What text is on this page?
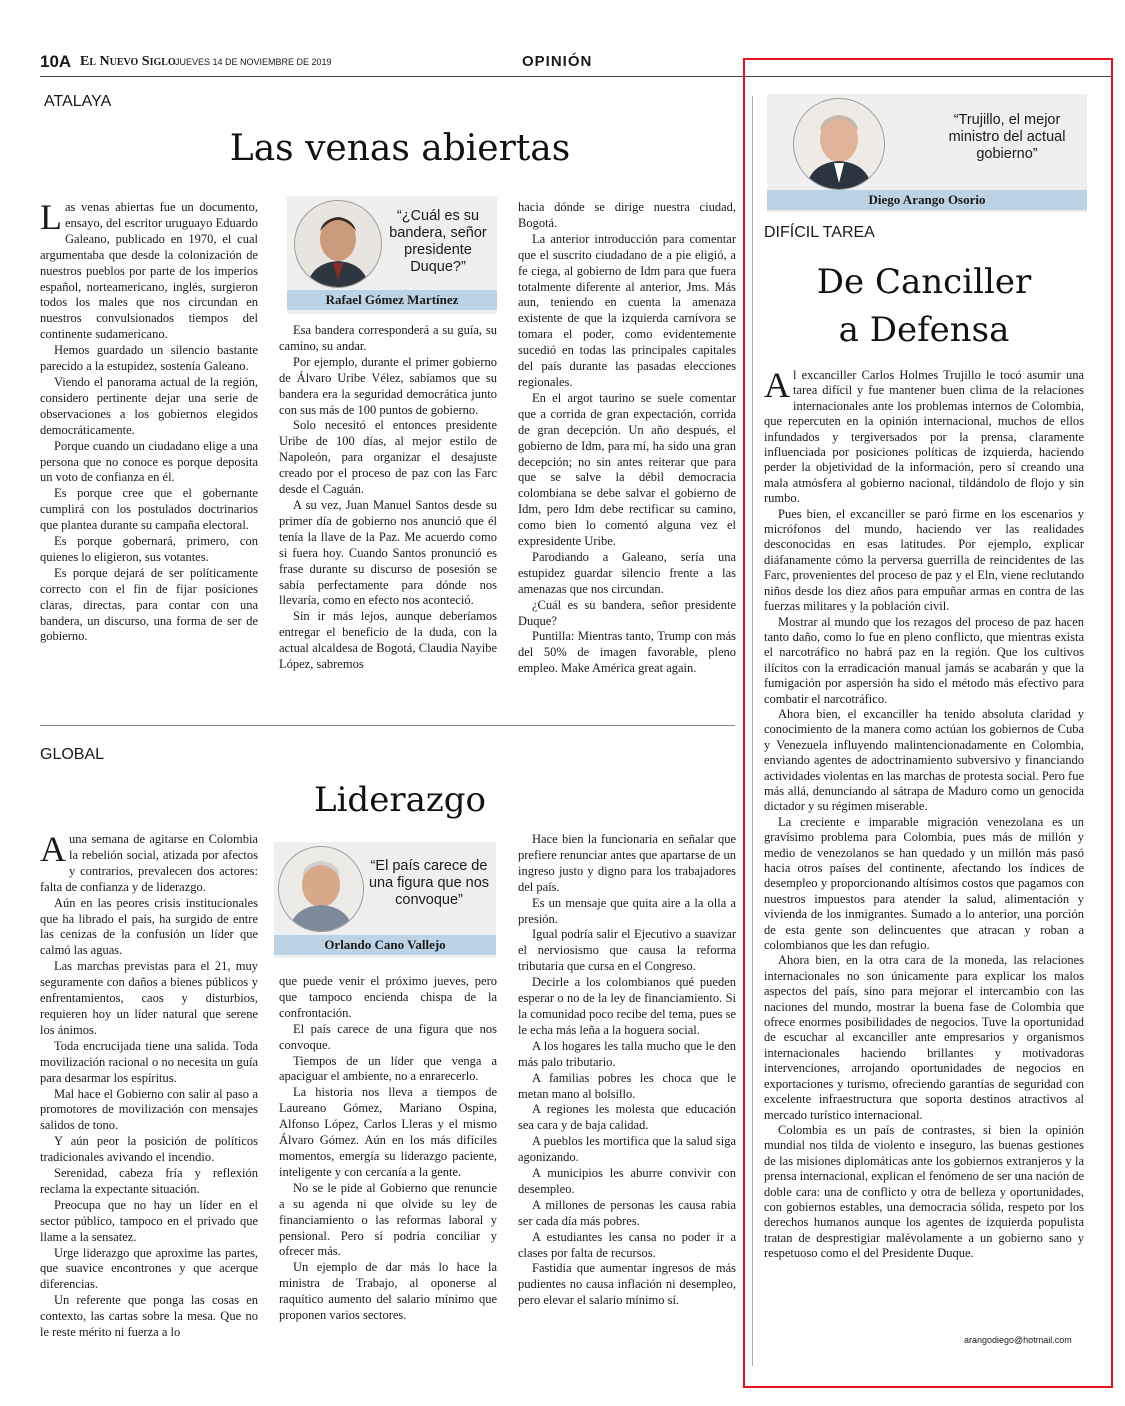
10A El Nuevo Siglo JUEVES 14 DE NOVIEMBRE DE 2019	OPINIÓN
ATALAYA
Las venas abiertas

Las venas abiertas fue un documento, ensayo, del escritor uruguayo Eduardo Galeano, publicado en 1970, el cual argumentaba que desde la colonización de nuestros pueblos por parte de los imperios español, norteamericano, inglés, surgieron todos los males que nos circundan en nuestros convulsionados tiempos del continente sudamericano.

Hemos guardado un silencio bastante parecido a la estupidez, sostenía Galeano.

Viendo el panorama actual de la región, considero pertinente dejar una serie de observaciones a los gobiernos elegidos democráticamente.

Porque cuando un ciudadano elige a una persona que no conoce es porque deposita un voto de confianza en él.

Es porque cree que el gobernante cumplirá con los postulados doctrinarios que plantea durante su campaña electoral.

Es porque gobernará, primero, con quienes lo eligieron, sus votantes.

Es porque dejará de ser políticamente correcto con el fin de fijar posiciones claras, directas, para contar con una bandera, un discurso, una forma de ser de gobierno.

“¿Cuál es su bandera, señor presidente Duque?”
Rafael Gómez Martínez

Esa bandera corresponderá a su guía, su camino, su andar.

Por ejemplo, durante el primer gobierno de Álvaro Uribe Vélez, sabíamos que su bandera era la seguridad democrática junto con sus más de 100 puntos de gobierno.

Solo necesitó el entonces presidente Uribe de 100 días, al mejor estilo de Napoleón, para organizar el desajuste creado por el proceso de paz con las Farc desde el Caguán.

A su vez, Juan Manuel Santos desde su primer día de gobierno nos anunció que él tenía la llave de la Paz. Me acuerdo como si fuera hoy. Cuando Santos pronunció es frase durante su discurso de posesión se sabía perfectamente para dónde nos llevaría, como en efecto nos aconteció.

Sin ir más lejos, aunque deberíamos entregar el beneficio de la duda, con la actual alcaldesa de Bogotá, Claudia Nayibe López, sabremos

hacia dónde se dirige nuestra ciudad, Bogotá.

La anterior introducción para comentar que el suscrito ciudadano de a pie eligió, a fe ciega, al gobierno de Idm para que fuera totalmente diferente al anterior, Jms. Más aun, teniendo en cuenta la amenaza existente de que la izquierda carnívora se tomara el poder, como evidentemente sucedió en todas las principales capitales del país durante las pasadas elecciones regionales.

En el argot taurino se suele comentar que a corrida de gran expectación, corrida de gran decepción. Un año después, el gobierno de Idm, para mí, ha sido una gran decepción; no sin antes reiterar que para que se salve la débil democracia colombiana se debe salvar el gobierno de Idm, pero Idm debe rectificar su camino, como bien lo comentó alguna vez el expresidente Uribe.

Parodiando a Galeano, sería una estupidez guardar silencio frente a las amenazas que nos circundan.

¿Cuál es su bandera, señor presidente Duque?

Puntilla: Mientras tanto, Trump con más del 50% de imagen favorable, pleno empleo. Make América great again.

GLOBAL
Liderazgo

Auna semana de agitarse en Colombia la rebelión social, atizada por afectos y contrarios, prevalecen dos actores: falta de confianza y de liderazgo.

Aún en las peores crisis institucionales que ha librado el país, ha surgido de entre las cenizas de la confusión un líder que calmó las aguas.

Las marchas previstas para el 21, muy seguramente con daños a bienes públicos y enfrentamientos, caos y disturbios, requieren hoy un líder natural que serene los ánimos.

Toda encrucijada tiene una salida. Toda movilización racional o no necesita un guía para desarmar los espíritus.

Mal hace el Gobierno con salir al paso a promotores de movilización con mensajes salidos de tono.

Y aún peor la posición de políticos tradicionales avivando el incendio.

Serenidad, cabeza fría y reflexión reclama la expectante situación.

Preocupa que no hay un líder en el sector público, tampoco en el privado que llame a la sensatez.

Urge liderazgo que aproxime las partes, que suavice encontrones y que acerque diferencias.

Un referente que ponga las cosas en contexto, las cartas sobre la mesa. Que no le reste mérito ni fuerza a lo

“El país carece de una figura que nos convoque”
Orlando Cano Vallejo

que puede venir el próximo jueves, pero que tampoco encienda chispa de la confrontación.

El país carece de una figura que nos convoque.

Tiempos de un líder que venga a apaciguar el ambiente, no a enrarecerlo.

La historia nos lleva a tiempos de Laureano Gómez, Mariano Ospina, Alfonso López, Carlos Lleras y el mismo Álvaro Gómez. Aún en los más difíciles momentos, emergía su liderazgo paciente, inteligente y con cercanía a la gente.

No se le pide al Gobierno que renuncie a su agenda ni que olvide su ley de financiamiento o las reformas laboral y pensional. Pero sí podría conciliar y ofrecer más.

Un ejemplo de dar más lo hace la ministra de Trabajo, al oponerse al raquítico aumento del salario mínimo que proponen varios sectores.

Hace bien la funcionaria en señalar que prefiere renunciar antes que apartarse de un ingreso justo y digno para los trabajadores del país.

Es un mensaje que quita aire a la olla a presión.

Igual podría salir el Ejecutivo a suavizar el nerviosismo que causa la reforma tributaria que cursa en el Congreso.

Decirle a los colombianos qué pueden esperar o no de la ley de financiamiento. Si la comunidad poco recibe del tema, pues se le echa más leña a la hoguera social.

A los hogares les talla mucho que le den más palo tributario.

A familias pobres les choca que le metan mano al bolsillo.

A regiones les molesta que educación sea cara y de baja calidad.

A pueblos les mortifica que la salud siga agonizando.

A municipios les aburre convivir con desempleo.

A millones de personas les causa rabia ser cada día más pobres.

A estudiantes les cansa no poder ir a clases por falta de recursos.

Fastidia que aumentar ingresos de más pudientes no causa inflación ni desempleo, pero elevar el salario mínimo sí.

“Trujillo, el mejor ministro del actual gobierno”
Diego Arango Osorio
DIFÍCIL TAREA
De Canciller
a Defensa

Al excanciller Carlos Holmes Trujillo le tocó asumir una tarea difícil y fue mantener buen clima de la relaciones internacionales ante los problemas internos de Colombia, que repercuten en la opinión internacional, muchos de ellos infundados y tergiversados por la prensa, claramente influenciada por posiciones políticas de izquierda, haciendo perder la objetividad de la información, pero sí creando una mala atmósfera al gobierno nacional, tildándolo de flojo y sin rumbo.

Pues bien, el excanciller se paró firme en los escenarios y micrófonos del mundo, haciendo ver las realidades desconocidas en esas latitudes. Por ejemplo, explicar diáfanamente cómo la perversa guerrilla de reincidentes de las Farc, provenientes del proceso de paz y el Eln, viene reclutando niños desde los diez años para empuñar armas en contra de las fuerzas militares y la población civil.

Mostrar al mundo que los rezagos del proceso de paz hacen tanto daño, como lo fue en pleno conflicto, que mientras exista el narcotráfico no habrá paz en la región. Que los cultivos ilícitos con la erradicación manual jamás se acabarán y que la fumigación por aspersión ha sido el método más efectivo para combatir el narcotráfico.

Ahora bien, el excanciller ha tenido absoluta claridad y conocimiento de la manera como actúan los gobiernos de Cuba y Venezuela influyendo malintencionadamente en Colombia, enviando agentes de adoctrinamiento subversivo y financiando actividades violentas en las marchas de protesta social. Pero fue más allá, denunciando al sátrapa de Maduro como un genocida dictador y su régimen miserable.

La creciente e imparable migración venezolana es un gravísimo problema para Colombia, pues más de millón y medio de venezolanos se han quedado y un millón más pasó hacia otros países del continente, afectando los índices de desempleo y proporcionando altísimos costos que pagamos con nuestros impuestos para atender la salud, alimentación y vivienda de los inmigrantes. Sumado a lo anterior, una porción de esta gente son delincuentes que atracan y roban a colombianos que les dan refugio.

Ahora bien, en la otra cara de la moneda, las relaciones internacionales no son únicamente para explicar los malos aspectos del país, sino para mejorar el intercambio con las naciones del mundo, mostrar la buena fase de Colombia que ofrece enormes posibilidades de negocios. Tuve la oportunidad de escuchar al excanciller ante empresarios y organismos internacionales haciendo brillantes y motivadoras intervenciones, arrojando oportunidades de negocios en exportaciones y turismo, ofreciendo garantías de seguridad con excelente infraestructura que soporta destinos atractivos al mercado turístico internacional.

Colombia es un país de contrastes, si bien la opinión mundial nos tilda de violento e inseguro, las buenas gestiones de las misiones diplomáticas ante los gobiernos extranjeros y la prensa internacional, explican el fenómeno de ser una nación de doble cara: una de conflicto y otra de belleza y oportunidades, con gobiernos estables, una democracia sólida, respeto por los derechos humanos aunque los agentes de izquierda populista tratan de desprestigiar malévolamente a un gobierno sano y respetuoso como el del Presidente Duque.

arangodiego@hotmail.com
